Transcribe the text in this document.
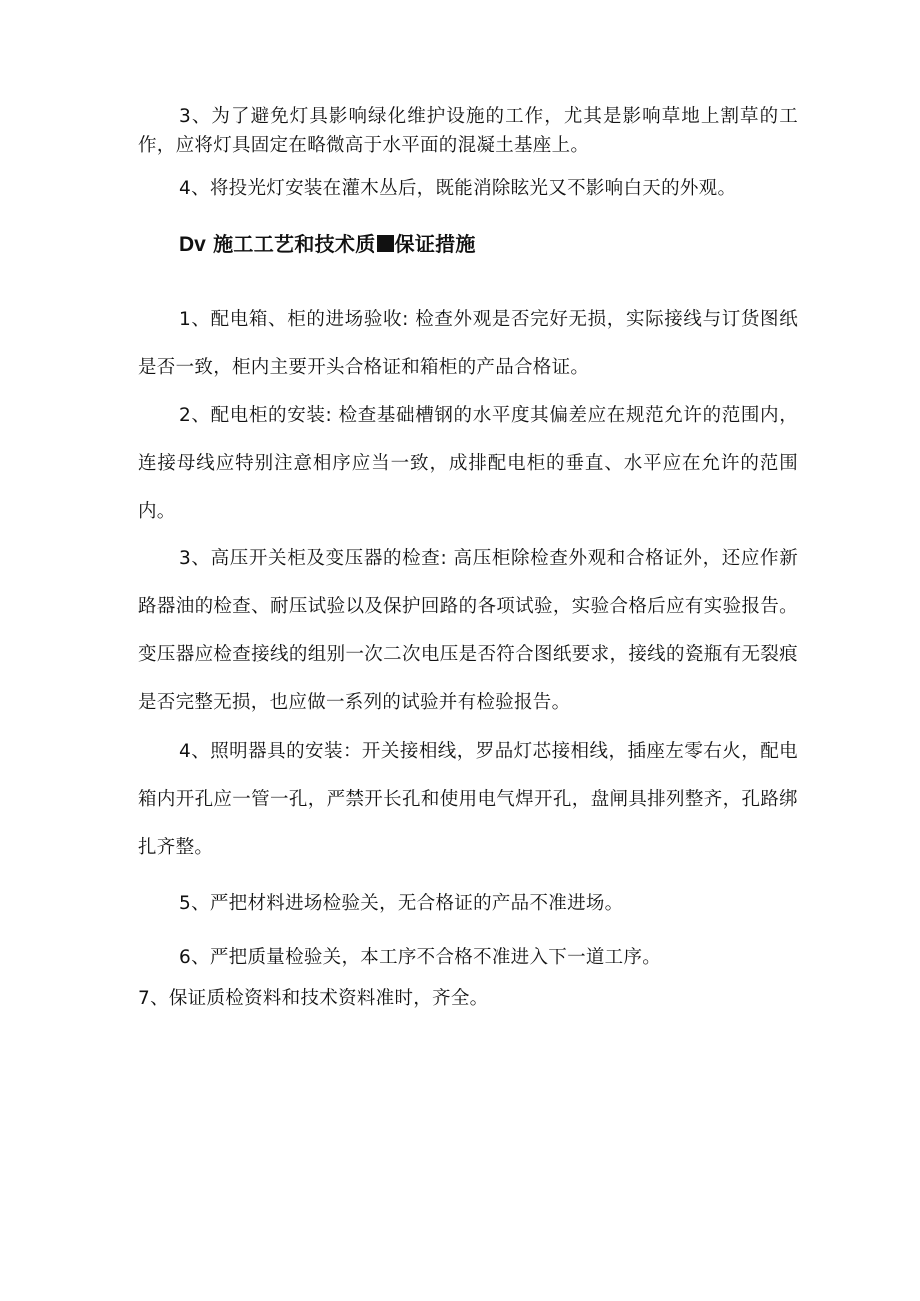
3、为了避免灯具影响绿化维护设施的工作，尤其是影响草地上割草的工作，应将灯具固定在略微高于水平面的混凝土基座上。

4、将投光灯安装在灌木丛后，既能消除眩光又不影响白天的外观。

Dv 施工工艺和技术质 保证措施

1、配电箱、柜的进场验收: 检查外观是否完好无损，实际接线与订货图纸是否一致，柜内主要开头合格证和箱柜的产品合格证。

2、配电柜的安装: 检查基础槽钢的水平度其偏差应在规范允许的范围内，连接母线应特别注意相序应当一致，成排配电柜的垂直、水平应在允许的范围内。

3、高压开关柜及变压器的检查: 高压柜除检查外观和合格证外，还应作新路器油的检查、耐压试验以及保护回路的各项试验，实验合格后应有实验报告。变压器应检查接线的组别一次二次电压是否符合图纸要求，接线的瓷瓶有无裂痕是否完整无损，也应做一系列的试验并有检验报告。

4、照明器具的安装：开关接相线，罗品灯芯接相线，插座左零右火，配电箱内开孔应一管一孔，严禁开长孔和使用电气焊开孔，盘闸具排列整齐，孔路绑扎齐整。

5、严把材料进场检验关，无合格证的产品不准进场。

6、严把质量检验关，本工序不合格不准进入下一道工序。

7、保证质检资料和技术资料准时，齐全。
